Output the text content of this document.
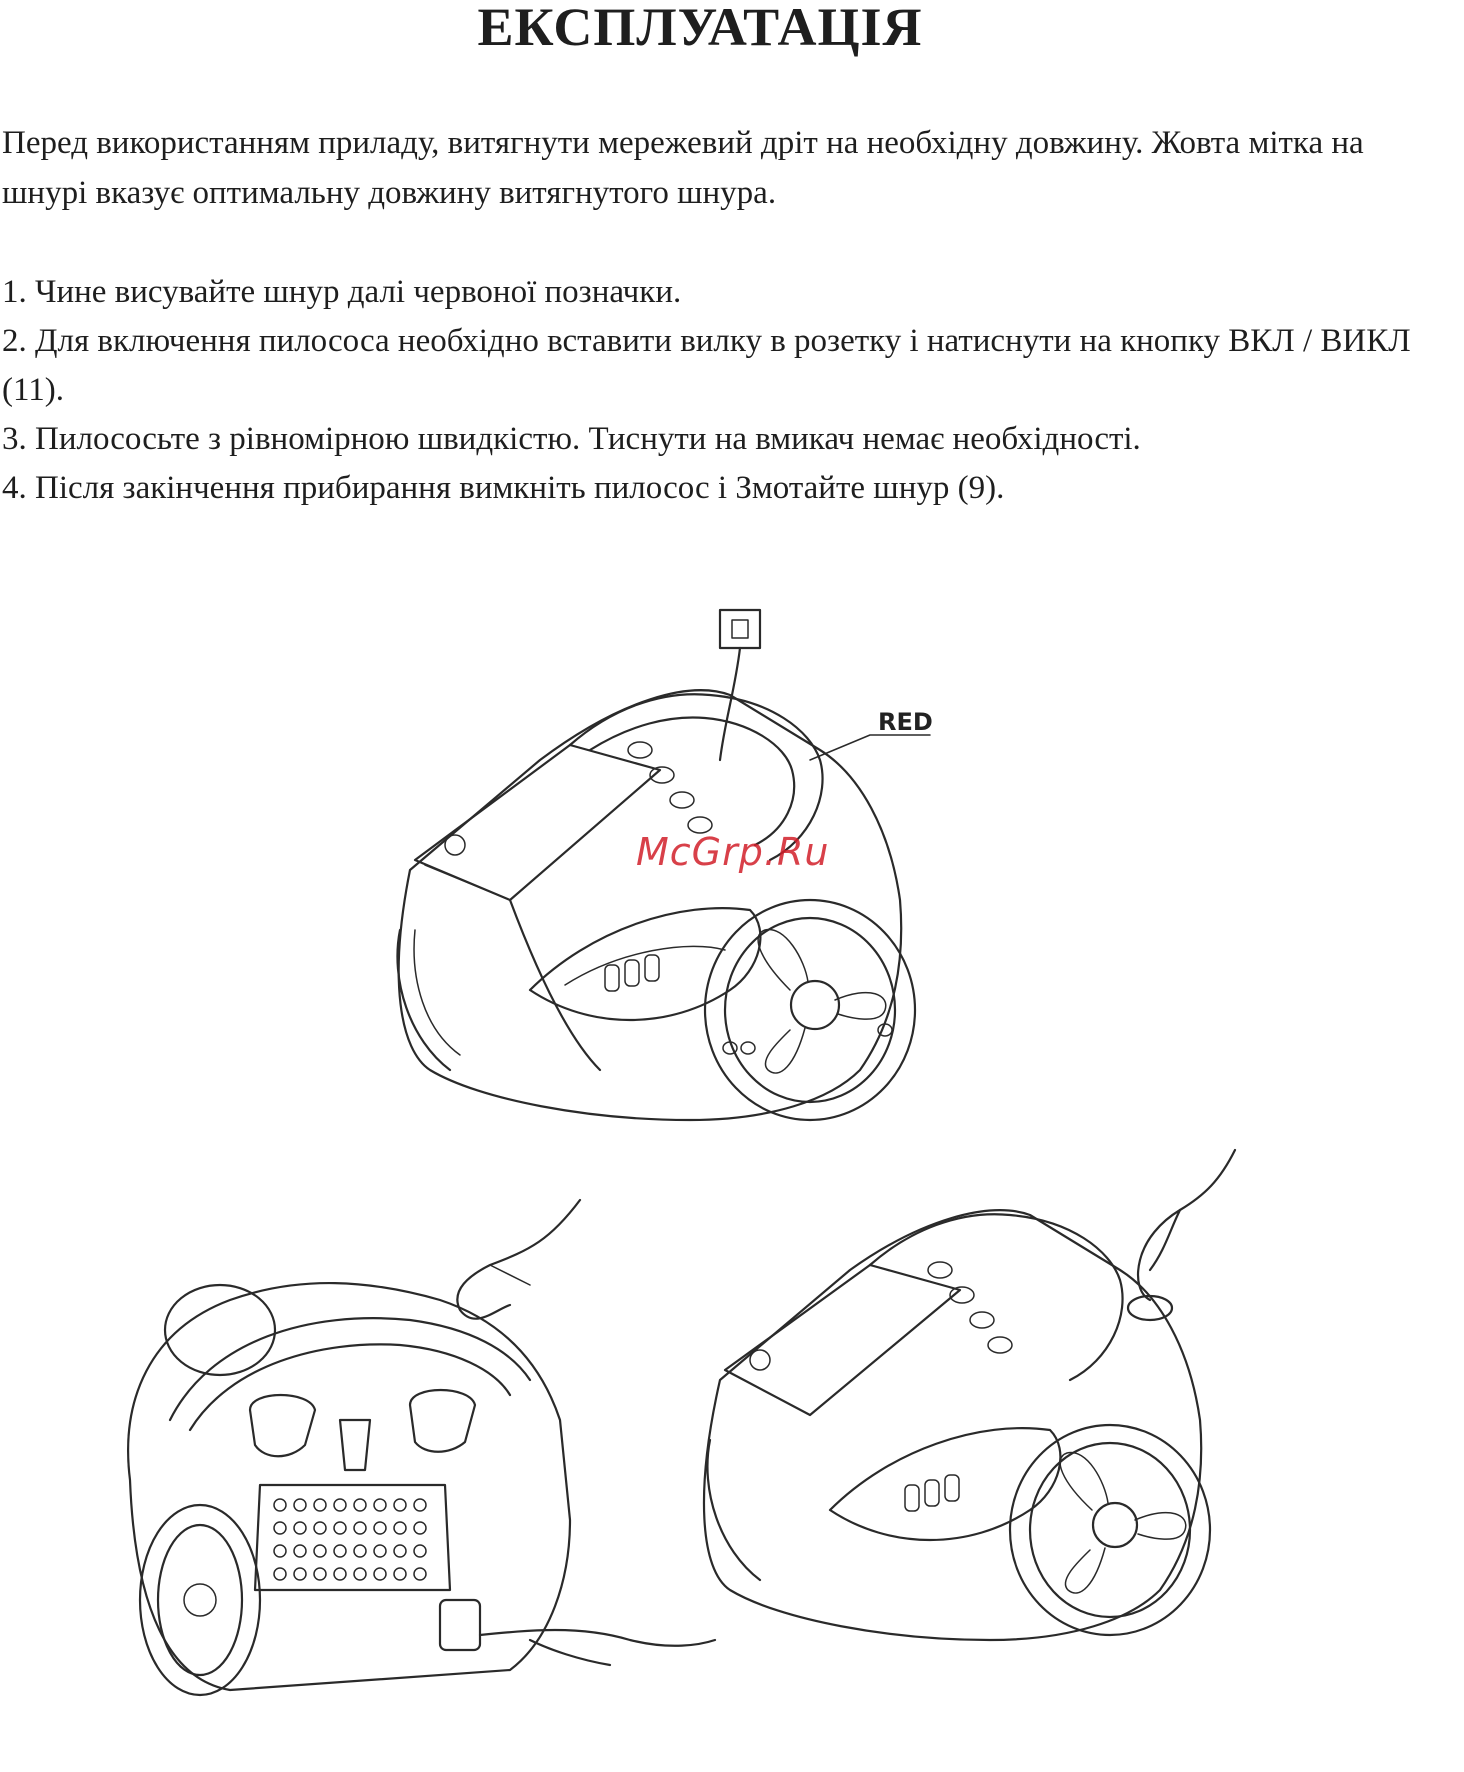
ЕКСПЛУАТАЦІЯ

Перед використанням приладу, витягнути мережевий дріт на необхідну довжину. Жовта мітка на шнурі вказує оптимальну довжину витягнутого шнура.

1. Чине висувайте шнур далі червоної позначки.
2. Для включення пилососа необхідно вставити вилку в розетку і натиснути на кнопку ВКЛ / ВИКЛ (11).
3. Пилососьте з рівномірною швидкістю. Тиснути на вмикач немає необхідності.
4. Після закінчення прибирання вимкніть пилосос і Змотайте шнур (9).
RED
McGrp.Ru
